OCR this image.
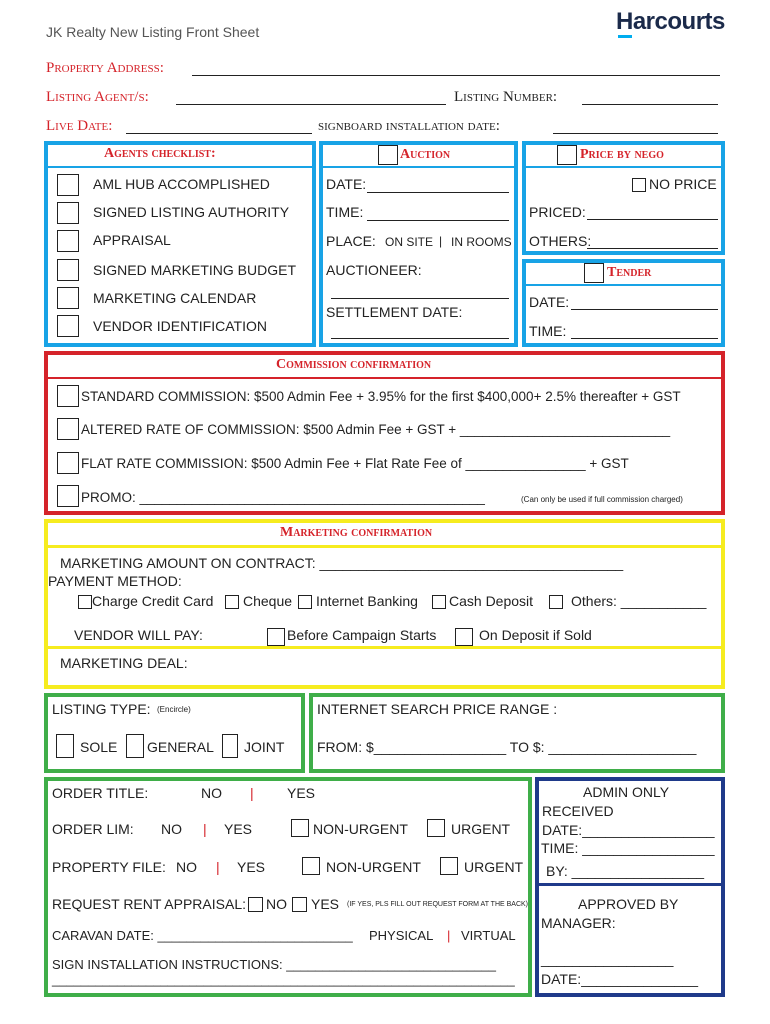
JK Realty New Listing Front Sheet	Harcourts
Property Address:
Listing Agent/s:	Listing Number:
Live Date:	signboard installation date:
Agents checklist:
AML HUB ACCOMPLISHED
SIGNED LISTING AUTHORITY
APPRAISAL
SIGNED MARKETING BUDGET
MARKETING CALENDAR
VENDOR IDENTIFICATION
Auction
DATE:
TIME:
PLACE: ON SITE | IN ROOMS
AUCTIONEER:
SETTLEMENT DATE:
Price by nego
NO PRICE
PRICED:
OTHERS:
Tender
DATE:
TIME:
Commission confirmation
STANDARD COMMISSION: $500 Admin Fee + 3.95% for the first $400,000+ 2.5% thereafter + GST
ALTERED RATE OF COMMISSION: $500 Admin Fee + GST + ____________________________
FLAT RATE COMMISSION: $500 Admin Fee + Flat Rate Fee of ________________ + GST
PROMO: ______________________________________________	(Can only be used if full commission charged)
Marketing confirmation
MARKETING AMOUNT ON CONTRACT: _______________________________________
PAYMENT METHOD:
Charge Credit Card Cheque Internet Banking Cash Deposit	Others: ___________
VENDOR WILL PAY:	Before Campaign Starts	On Deposit if Sold
MARKETING DEAL:
LISTING TYPE: (Encircle)
SOLE GENERAL JOINT
INTERNET SEARCH PRICE RANGE :
FROM: $_________________ TO $: ___________________
ORDER TITLE:	NO | YES
ORDER LIM: NO | YES	NON-URGENT	URGENT
PROPERTY FILE: NO | YES	NON-URGENT	URGENT
REQUEST RENT APPRAISAL: NO YES (IF YES, PLS FILL OUT REQUEST FORM AT THE BACK)
CARAVAN DATE: ___________________________ PHYSICAL | VIRTUAL
SIGN INSTALLATION INSTRUCTIONS: _____________________________
________________________________________________________________
ADMIN ONLY
RECEIVED
DATE:_________________
TIME: _________________
BY: _________________
APPROVED BY
MANAGER:
_________________
DATE:_______________
